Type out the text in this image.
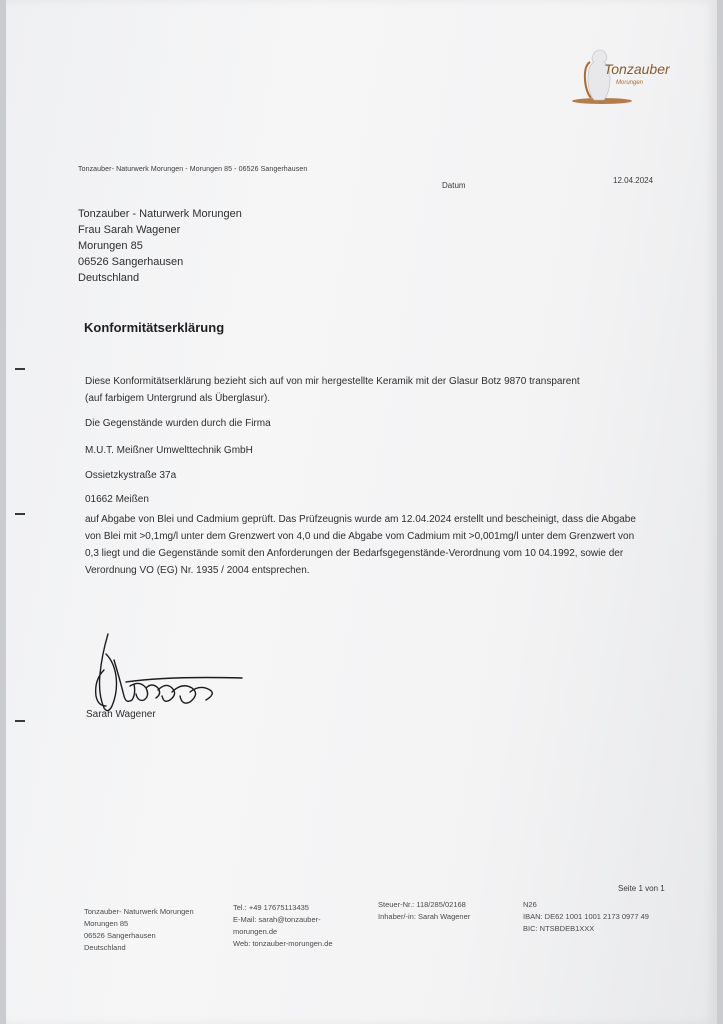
Tonzauber
Morungen
Tonzauber- Naturwerk Morungen - Morungen 85 - 06526 Sangerhausen
Datum
12.04.2024
Tonzauber - Naturwerk Morungen
Frau Sarah Wagener
Morungen 85
06526 Sangerhausen
Deutschland
Konformitätserklärung
Diese Konformitätserklärung bezieht sich auf von mir hergestellte Keramik mit der Glasur Botz 9870 transparent (auf farbigem Untergrund als Überglasur).
Die Gegenstände wurden durch die Firma
M.U.T. Meißner Umwelttechnik GmbH
Ossietzkystraße 37a
01662 Meißen
auf Abgabe von Blei und Cadmium geprüft. Das Prüfzeugnis wurde am 12.04.2024 erstellt und bescheinigt, dass die Abgabe von Blei mit >0,1mg/l unter dem Grenzwert von 4,0 und die Abgabe vom Cadmium mit >0,001mg/l unter dem Grenzwert von 0,3 liegt und die Gegenstände somit den Anforderungen der Bedarfsgegenstände-Verordnung vom 10 04.1992, sowie der Verordnung VO (EG) Nr. 1935 / 2004 entsprechen.
Sarah Wagener
Seite 1 von 1
Tonzauber- Naturwerk Morungen
Morungen 85
06526 Sangerhausen
Deutschland
Tel.: +49 17675113435
E-Mail: sarah@tonzauber-
morungen.de
Web: tonzauber-morungen.de
Steuer-Nr.: 118/285/02168
Inhaber/-in: Sarah Wagener
N26
IBAN: DE62 1001 1001 2173 0977 49
BIC: NTSBDEB1XXX
